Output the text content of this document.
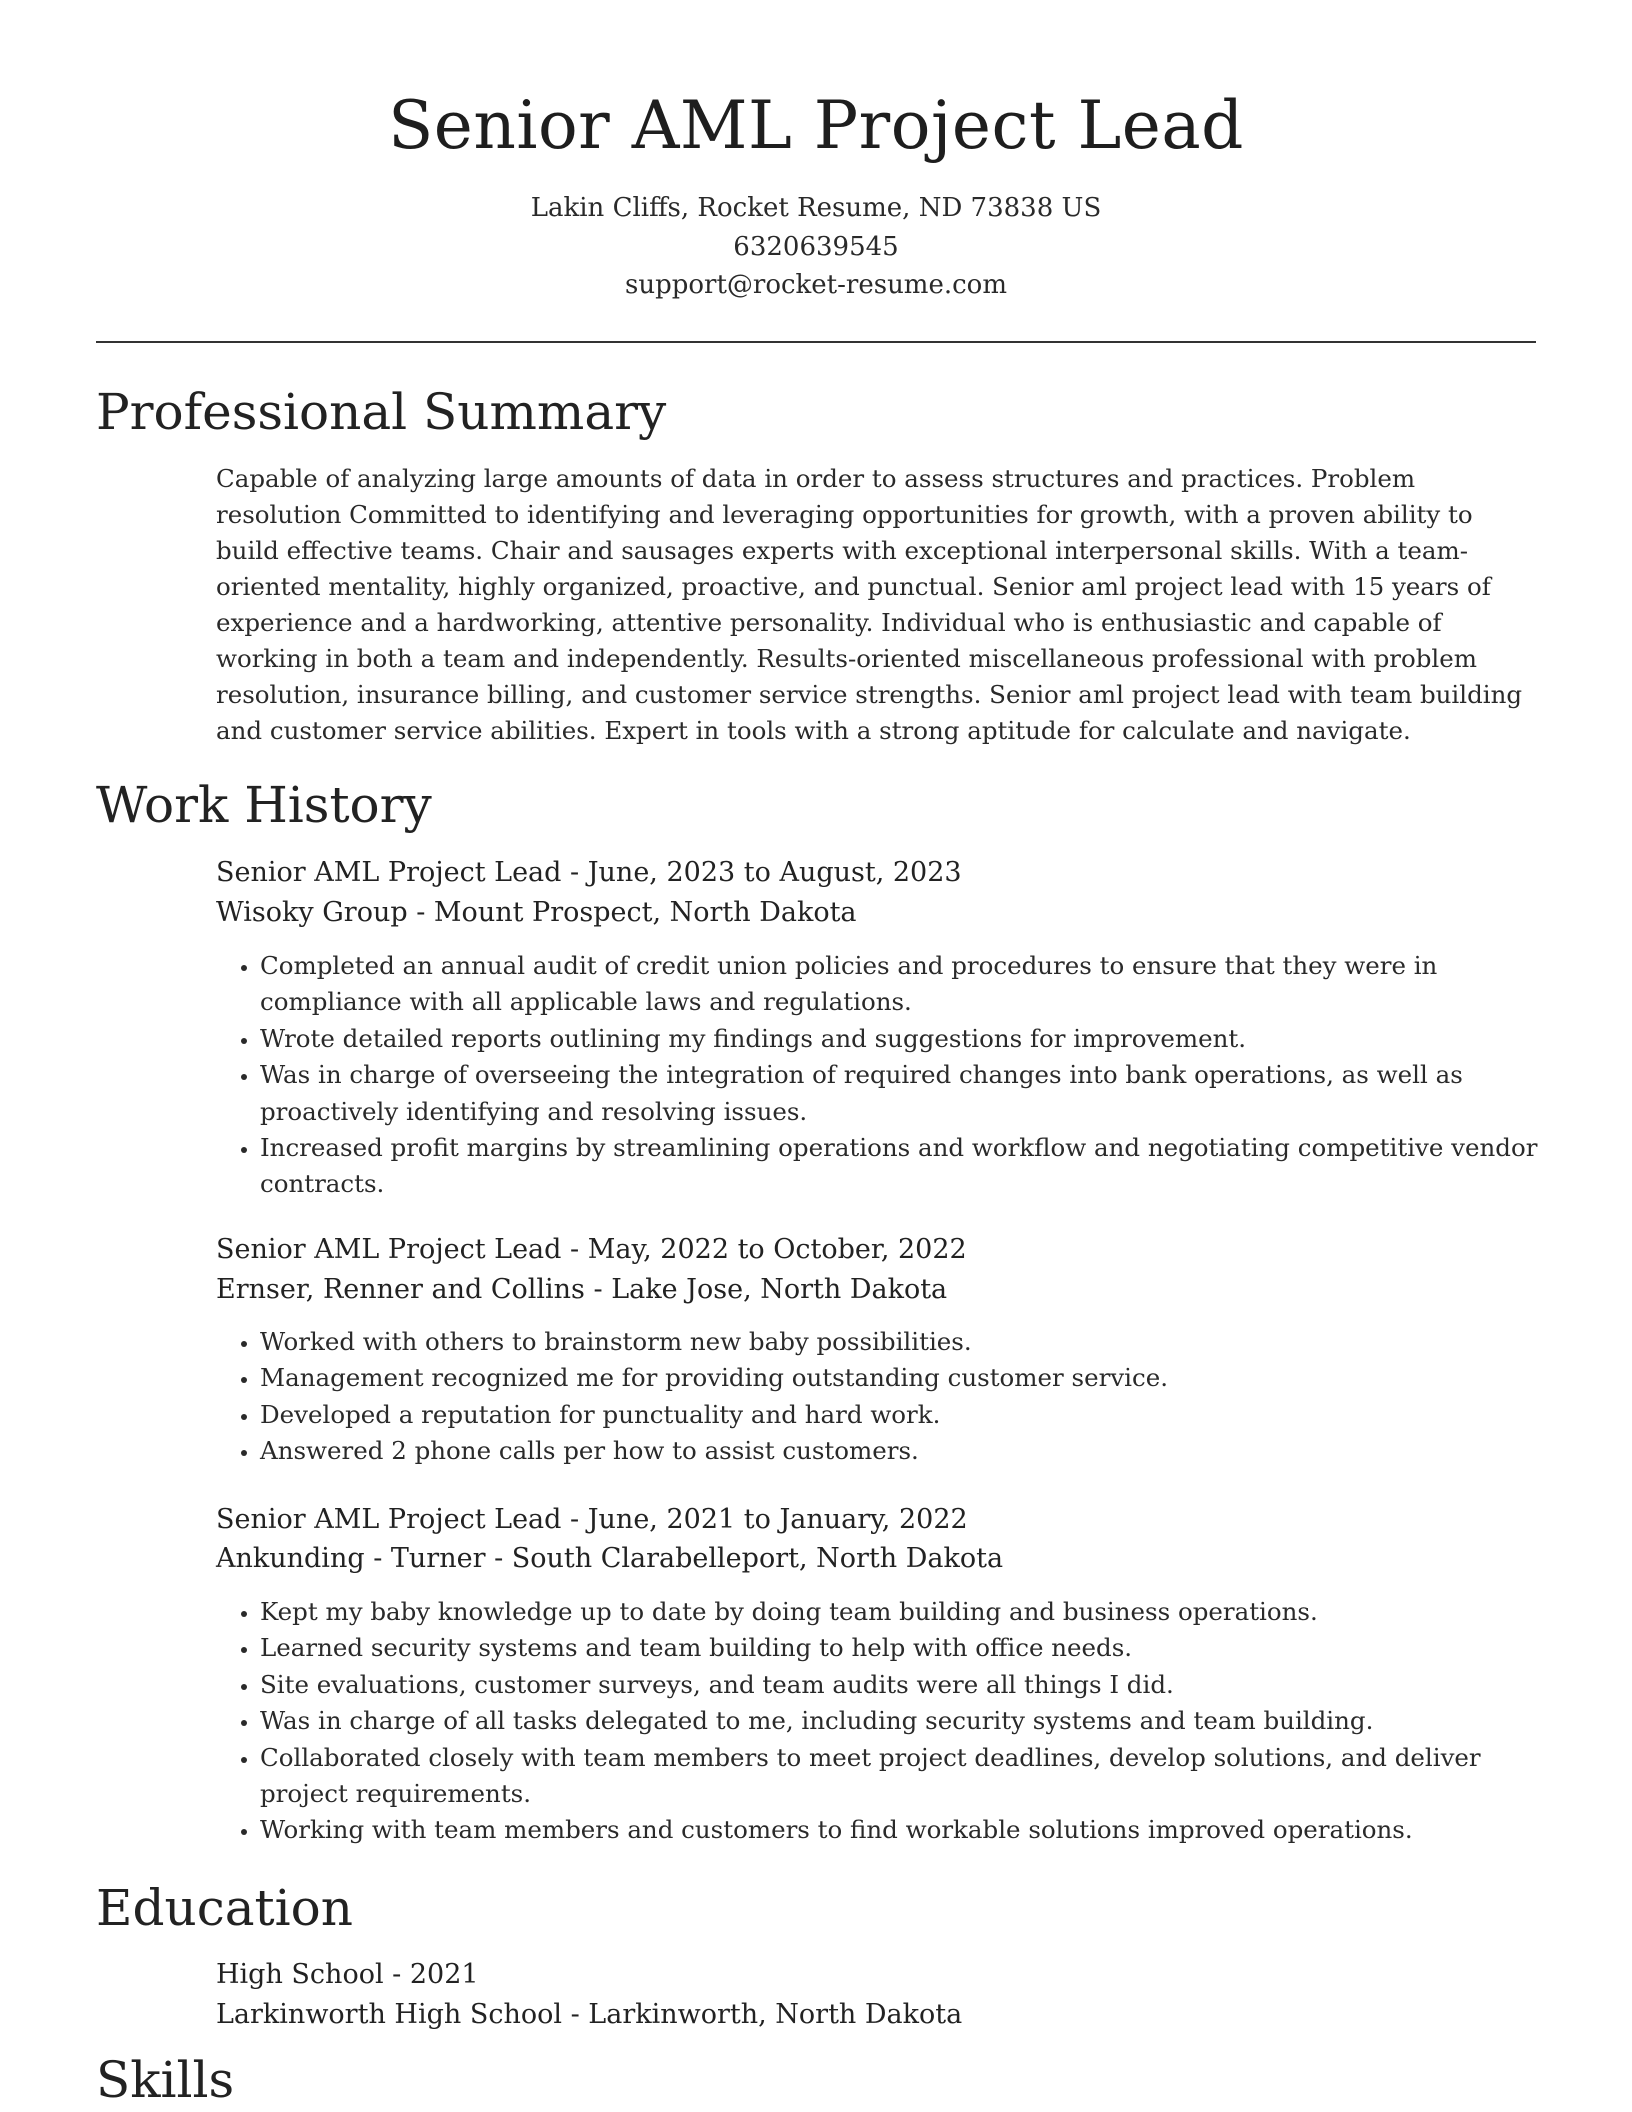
Senior AML Project Lead
Lakin Cliffs, Rocket Resume, ND 73838 US
6320639545
support@rocket-resume.com
Professional Summary
Capable of analyzing large amounts of data in order to assess structures and practices. Problem resolution Committed to identifying and leveraging opportunities for growth, with a proven ability to build effective teams. Chair and sausages experts with exceptional interpersonal skills. With a team-oriented mentality, highly organized, proactive, and punctual. Senior aml project lead with 15 years of experience and a hardworking, attentive personality. Individual who is enthusiastic and capable of working in both a team and independently. Results-oriented miscellaneous professional with problem resolution, insurance billing, and customer service strengths. Senior aml project lead with team building and customer service abilities. Expert in tools with a strong aptitude for calculate and navigate.
Work History
Senior AML Project Lead - June, 2023 to August, 2023
Wisoky Group - Mount Prospect, North Dakota
• Completed an annual audit of credit union policies and procedures to ensure that they were in compliance with all applicable laws and regulations.
• Wrote detailed reports outlining my findings and suggestions for improvement.
• Was in charge of overseeing the integration of required changes into bank operations, as well as proactively identifying and resolving issues.
• Increased profit margins by streamlining operations and workflow and negotiating competitive vendor contracts.
Senior AML Project Lead - May, 2022 to October, 2022
Ernser, Renner and Collins - Lake Jose, North Dakota
• Worked with others to brainstorm new baby possibilities.
• Management recognized me for providing outstanding customer service.
• Developed a reputation for punctuality and hard work.
• Answered 2 phone calls per how to assist customers.
Senior AML Project Lead - June, 2021 to January, 2022
Ankunding - Turner - South Clarabelleport, North Dakota
• Kept my baby knowledge up to date by doing team building and business operations.
• Learned security systems and team building to help with office needs.
• Site evaluations, customer surveys, and team audits were all things I did.
• Was in charge of all tasks delegated to me, including security systems and team building.
• Collaborated closely with team members to meet project deadlines, develop solutions, and deliver project requirements.
• Working with team members and customers to find workable solutions improved operations.
Education
High School - 2021
Larkinworth High School - Larkinworth, North Dakota
Skills
